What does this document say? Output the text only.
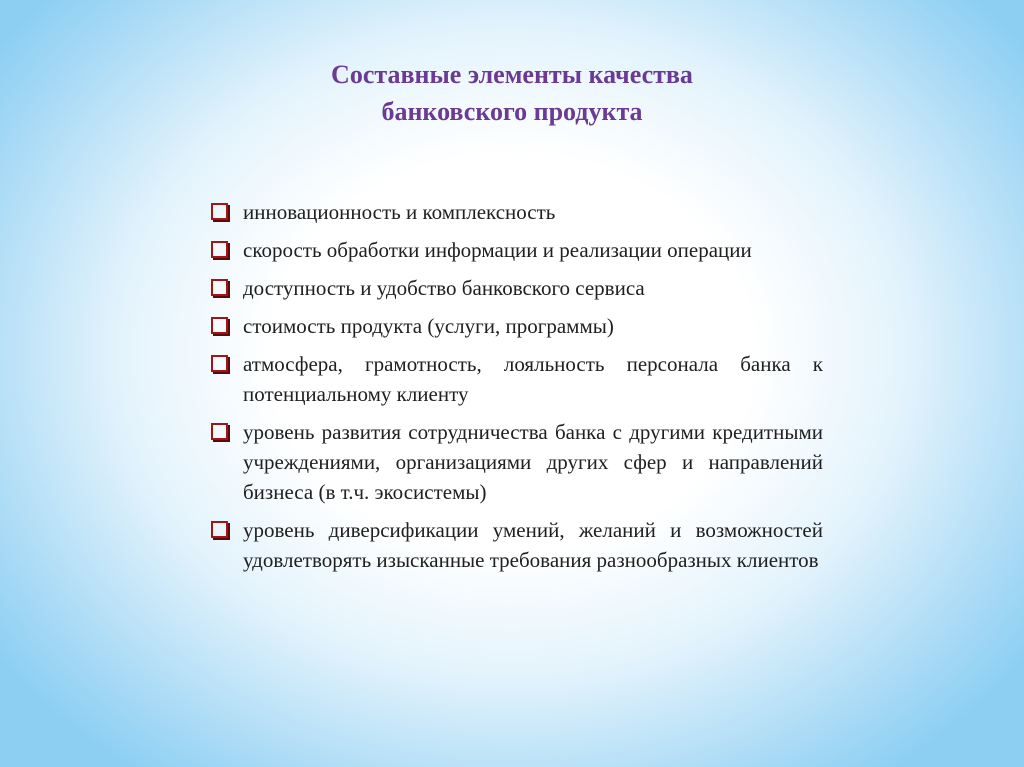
Составные элементы качества
банковского продукта
инновационность и комплексность
скорость обработки информации и реализации операции
доступность и удобство банковского сервиса
стоимость продукта (услуги, программы)
атмосфера, грамотность, лояльность персонала банка к потенциальному клиенту
уровень развития сотрудничества банка с другими кредитными учреждениями, организациями других сфер и направлений бизнеса (в т.ч. экосистемы)
уровень диверсификации умений, желаний и возможностей удовлетворять изысканные требования разнообразных клиентов
